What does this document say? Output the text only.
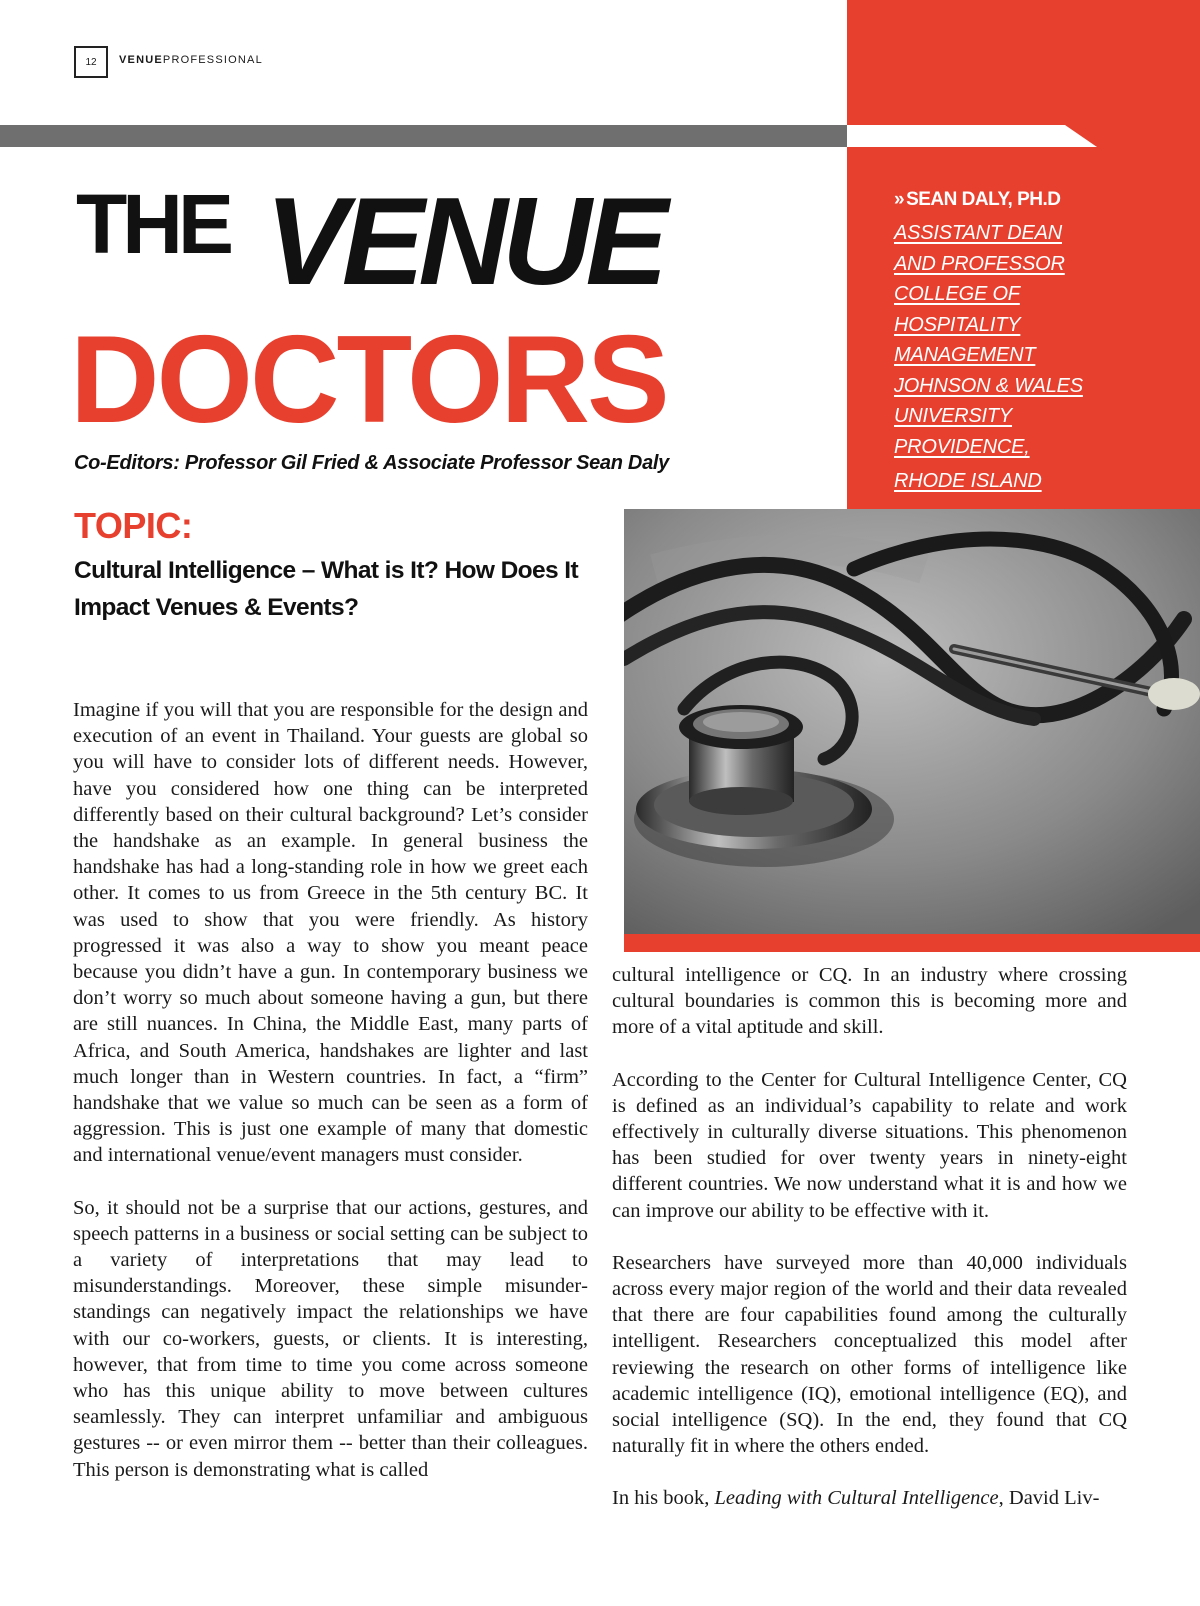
12	VENUEPROFESSIONAL
THE VENUE
DOCTORS
Co-Editors: Professor Gil Fried & Associate Professor Sean Daly
» SEAN DALY, PH.D
ASSISTANT DEAN
AND PROFESSOR
COLLEGE OF
HOSPITALITY
MANAGEMENT
JOHNSON & WALES
UNIVERSITY
PROVIDENCE,
RHODE ISLAND
TOPIC:
Cultural Intelligence – What is It? How Does It Impact Venues & Events?

Imagine if you will that you are responsible for the design and execution of an event in Thailand. Your guests are global so you will have to consider lots of different needs. However, have you considered how one thing can be interpreted differently based on their cultural background? Let’s consider the handshake as an example. In general business the handshake has had a long-standing role in how we greet each other. It comes to us from Greece in the 5th century BC. It was used to show that you were friendly. As history progressed it was also a way to show you meant peace because you didn’t have a gun. In contemporary business we don’t worry so much about someone having a gun, but there are still nuances. In China, the Middle East, many parts of Africa, and South America, handshakes are lighter and last much longer than in Western countries. In fact, a “firm” handshake that we value so much can be seen as a form of aggression. This is just one example of many that domestic and international venue/event managers must consider.

So, it should not be a surprise that our actions, gestures, and speech patterns in a business or social setting can be subject to a variety of interpretations that may lead to misunderstandings. Moreover, these simple misunderstandings can negatively impact the relationships we have with our co-workers, guests, or clients. It is interesting, however, that from time to time you come across someone who has this unique ability to move between cultures seamlessly. They can interpret unfamiliar and ambiguous gestures -- or even mirror them -- better than their colleagues. This person is demonstrating what is called

cultural intelligence or CQ. In an industry where crossing cultural boundaries is common this is becoming more and more of a vital aptitude and skill.

According to the Center for Cultural Intelligence Center, CQ is defined as an individual’s capability to relate and work effectively in culturally diverse situations. This phenomenon has been studied for over twenty years in ninety-eight different countries. We now understand what it is and how we can improve our ability to be effective with it.

Researchers have surveyed more than 40,000 individuals across every major region of the world and their data revealed that there are four capabilities found among the culturally intelligent. Researchers conceptualized this model after reviewing the research on other forms of intelligence like academic intelligence (IQ), emotional intelligence (EQ), and social intelligence (SQ). In the end, they found that CQ naturally fit in where the others ended.

In his book, Leading with Cultural Intelligence, David Liv-
